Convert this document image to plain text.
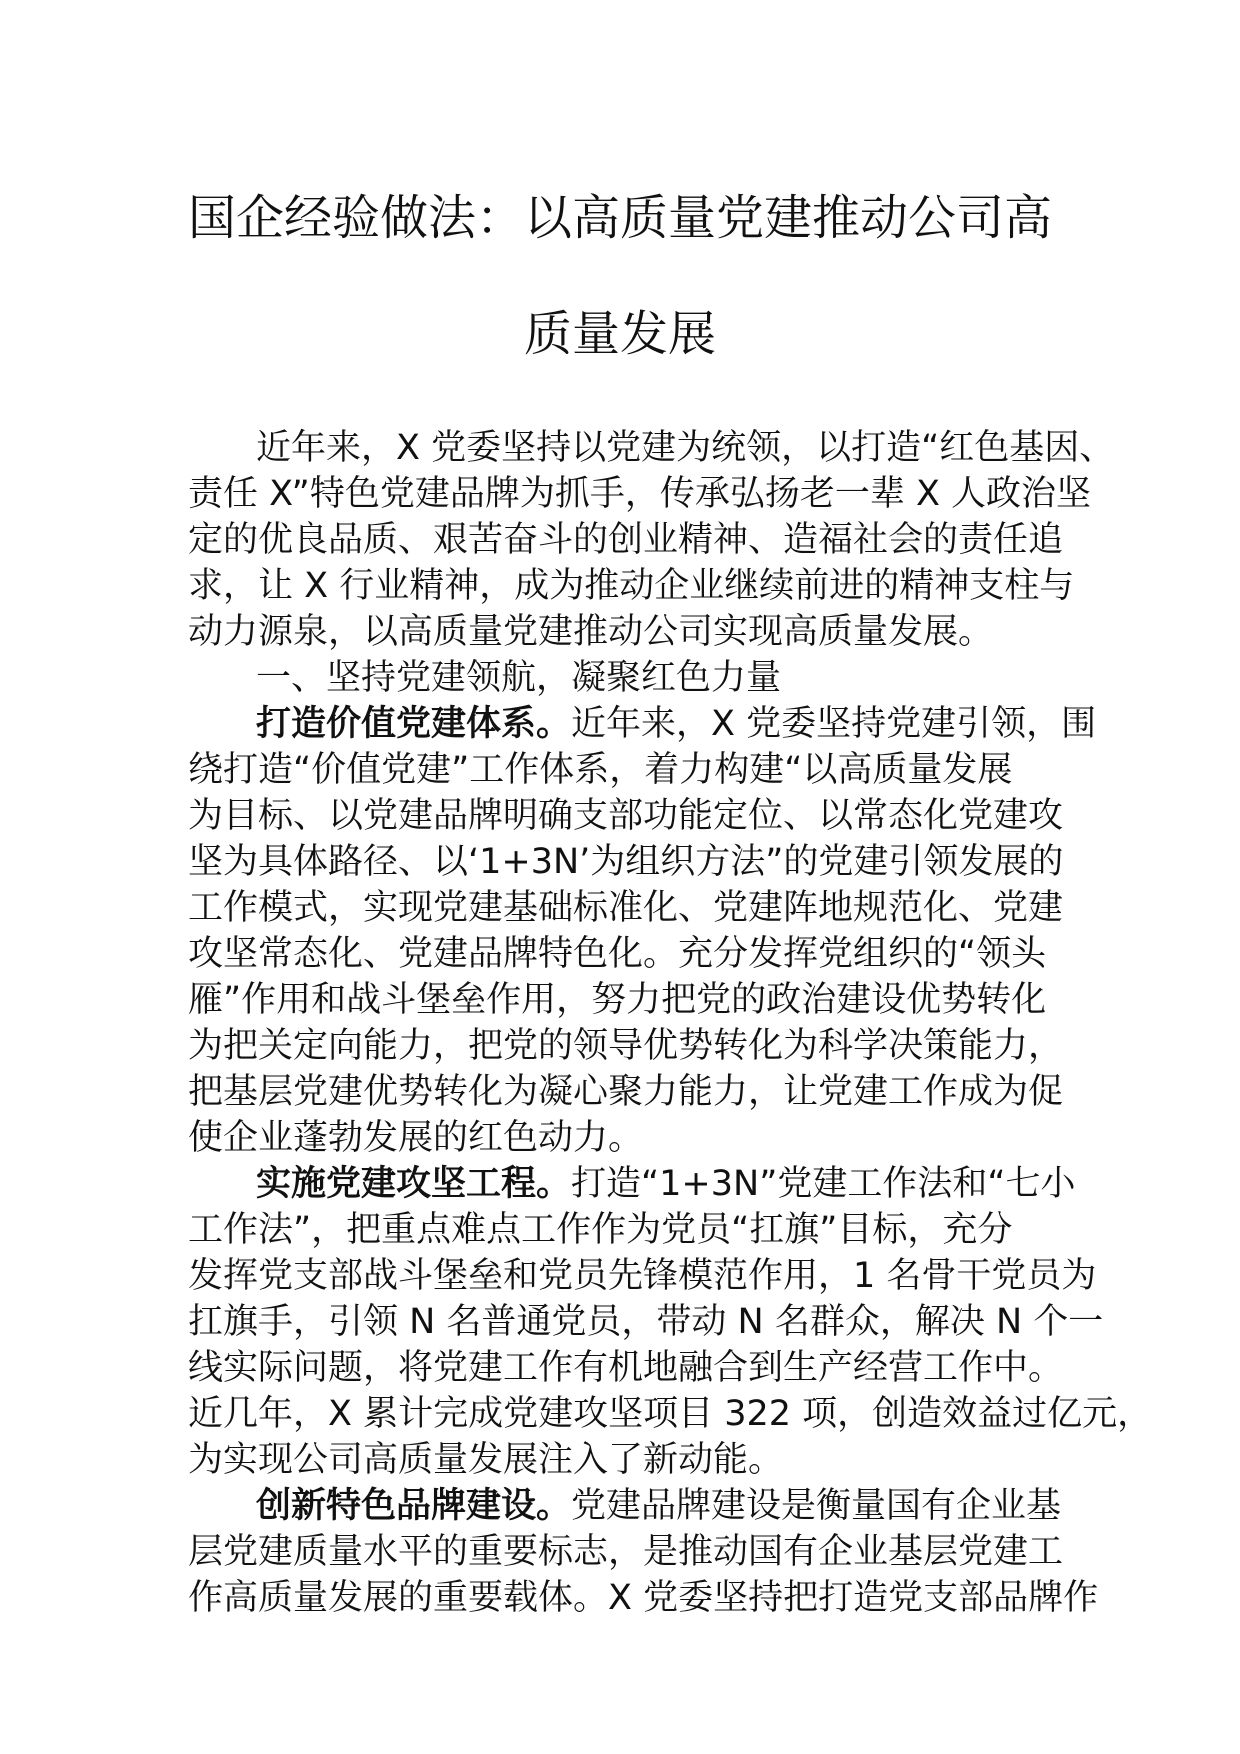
国企经验做法：以高质量党建推动公司高
质量发展

近年来，X 党委坚持以党建为统领，以打造“红色基因、

责任 X”特色党建品牌为抓手，传承弘扬老一辈 X 人政治坚

定的优良品质、艰苦奋斗的创业精神、造福社会的责任追

求，让 X 行业精神，成为推动企业继续前进的精神支柱与

动力源泉，以高质量党建推动公司实现高质量发展。

一、坚持党建领航，凝聚红色力量

打造价值党建体系。近年来，X 党委坚持党建引领，围

绕打造“价值党建”工作体系，着力构建“以高质量发展

为目标、以党建品牌明确支部功能定位、以常态化党建攻

坚为具体路径、以‘1+3N’为组织方法”的党建引领发展的

工作模式，实现党建基础标准化、党建阵地规范化、党建

攻坚常态化、党建品牌特色化。充分发挥党组织的“领头

雁”作用和战斗堡垒作用，努力把党的政治建设优势转化

为把关定向能力，把党的领导优势转化为科学决策能力，

把基层党建优势转化为凝心聚力能力，让党建工作成为促

使企业蓬勃发展的红色动力。

实施党建攻坚工程。打造“1+3N”党建工作法和“七小

工作法”，把重点难点工作作为党员“扛旗”目标，充分

发挥党支部战斗堡垒和党员先锋模范作用，1 名骨干党员为

扛旗手，引领 N 名普通党员，带动 N 名群众，解决 N 个一

线实际问题，将党建工作有机地融合到生产经营工作中。

近几年，X 累计完成党建攻坚项目 322 项，创造效益过亿元，

为实现公司高质量发展注入了新动能。

创新特色品牌建设。党建品牌建设是衡量国有企业基

层党建质量水平的重要标志，是推动国有企业基层党建工

作高质量发展的重要载体。X 党委坚持把打造党支部品牌作
